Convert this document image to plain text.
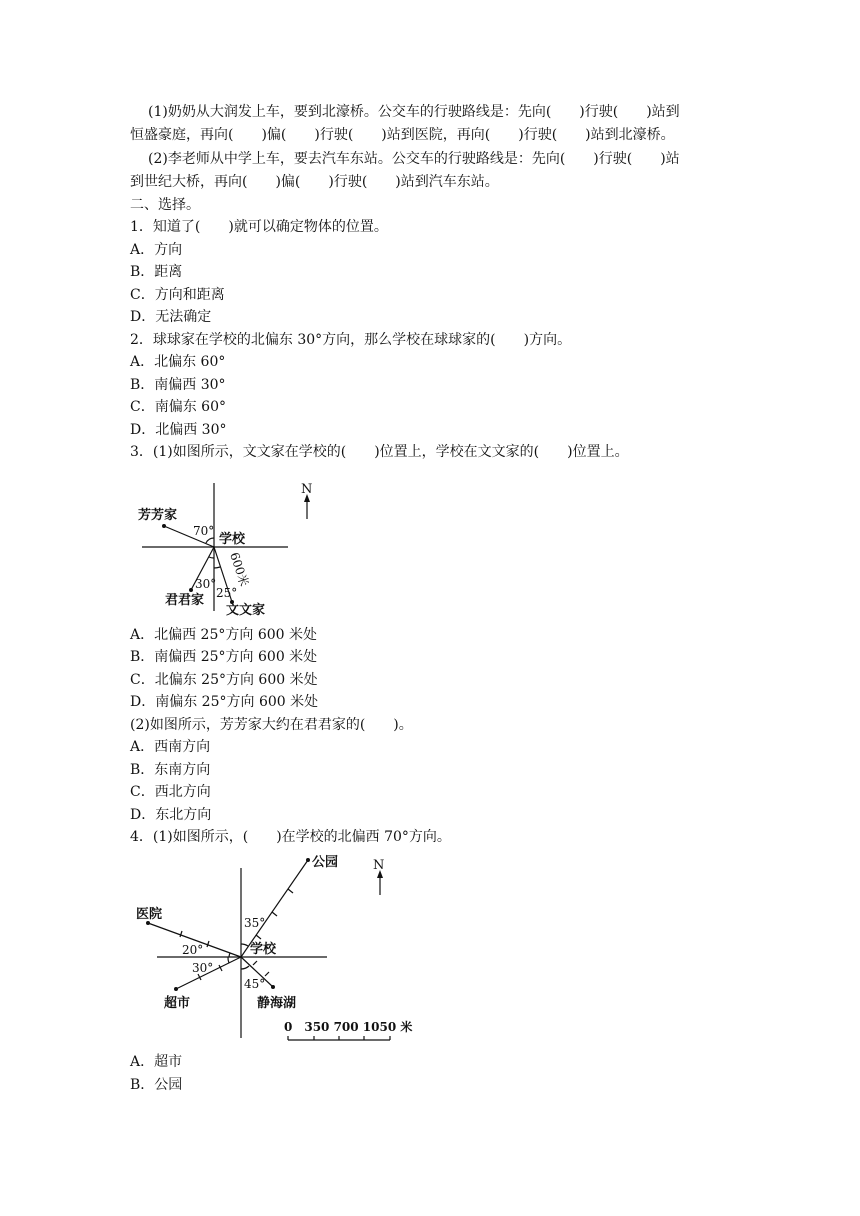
(1)奶奶从大润发上车，要到北濠桥。公交车的行驶路线是：先向(　　)行驶(　　)站到
恒盛豪庭，再向(　　)偏(　　)行驶(　　)站到医院，再向(　　)行驶(　　)站到北濠桥。
(2)李老师从中学上车，要去汽车东站。公交车的行驶路线是：先向(　　)行驶(　　)站
到世纪大桥，再向(　　)偏(　　)行驶(　　)站到汽车东站。
二、选择。
1．知道了(　　)就可以确定物体的位置。
A．方向
B．距离
C．方向和距离
D．无法确定
2．球球家在学校的北偏东 30°方向，那么学校在球球家的(　　)方向。
A．北偏东 60°
B．南偏西 30°
C．南偏东 60°
D．北偏西 30°
3．(1)如图所示，文文家在学校的(　　)位置上，学校在文文家的(　　)位置上。
N
芳芳家
学校
70°
30°
25°
君君家
文文家
600米
A．北偏西 25°方向 600 米处
B．南偏西 25°方向 600 米处
C．北偏东 25°方向 600 米处
D．南偏东 25°方向 600 米处
(2)如图所示，芳芳家大约在君君家的(　　)。
A．西南方向
B．东南方向
C．西北方向
D．东北方向
4．(1)如图所示，(　　)在学校的北偏西 70°方向。
N
公园
医院
学校
35°
20°
30°
45°
超市	静海湖
0　350 700 1050 米
A．超市
B．公园
